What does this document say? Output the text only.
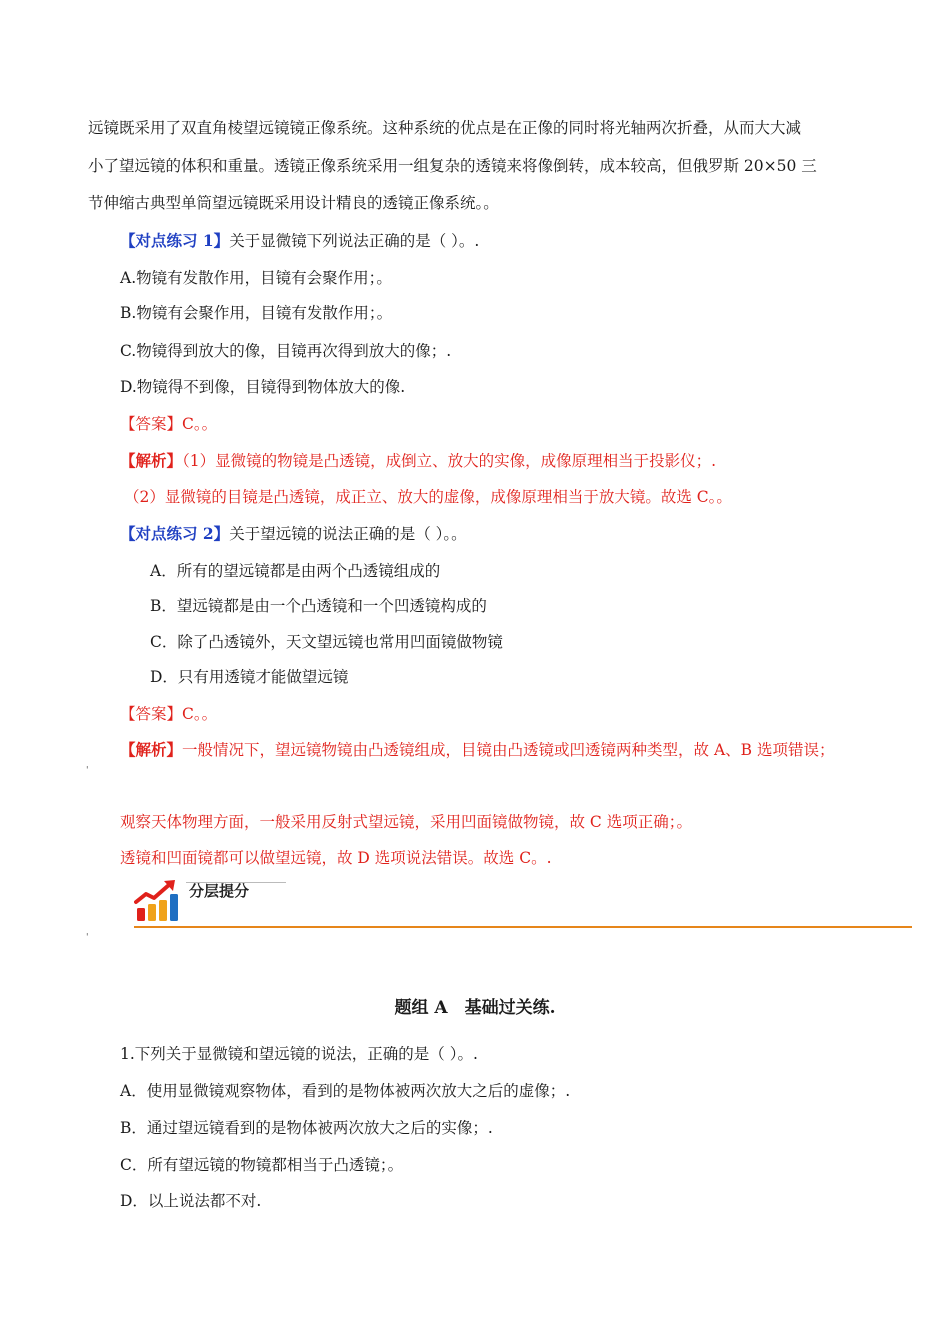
远镜既采用了双直角棱望远镜镜正像系统。这种系统的优点是在正像的同时将光轴两次折叠，从而大大减
小了望远镜的体积和重量。透镜正像系统采用一组复杂的透镜来将像倒转，成本较高，但俄罗斯 20×50 三
节伸缩古典型单筒望远镜既采用设计精良的透镜正像系统。。
【对点练习 1】关于显微镜下列说法正确的是（ ）。.
A.物镜有发散作用，目镜有会聚作用；。
B.物镜有会聚作用，目镜有发散作用；。
C.物镜得到放大的像，目镜再次得到放大的像；.
D.物镜得不到像，目镜得到物体放大的像.
【答案】C。。
【解析】（1）显微镜的物镜是凸透镜，成倒立、放大的实像，成像原理相当于投影仪；.
（2）显微镜的目镜是凸透镜，成正立、放大的虚像，成像原理相当于放大镜。故选 C。。
【对点练习 2】关于望远镜的说法正确的是（ ）。。
A．所有的望远镜都是由两个凸透镜组成的
B．望远镜都是由一个凸透镜和一个凹透镜构成的
C．除了凸透镜外，天文望远镜也常用凹面镜做物镜
D．只有用透镜才能做望远镜
【答案】C。。
【解析】一般情况下，望远镜物镜由凸透镜组成，目镜由凸透镜或凹透镜两种类型，故 A、B 选项错误；
'
观察天体物理方面，一般采用反射式望远镜，采用凹面镜做物镜，故 C 选项正确；。
透镜和凹面镜都可以做望远镜，故 D 选项说法错误。故选 C。.
分层提分
'
题组 A　基础过关练.
1.下列关于显微镜和望远镜的说法，正确的是（ ）。.
A．使用显微镜观察物体，看到的是物体被两次放大之后的虚像；.
B．通过望远镜看到的是物体被两次放大之后的实像；.
C．所有望远镜的物镜都相当于凸透镜；。
D．以上说法都不对.
